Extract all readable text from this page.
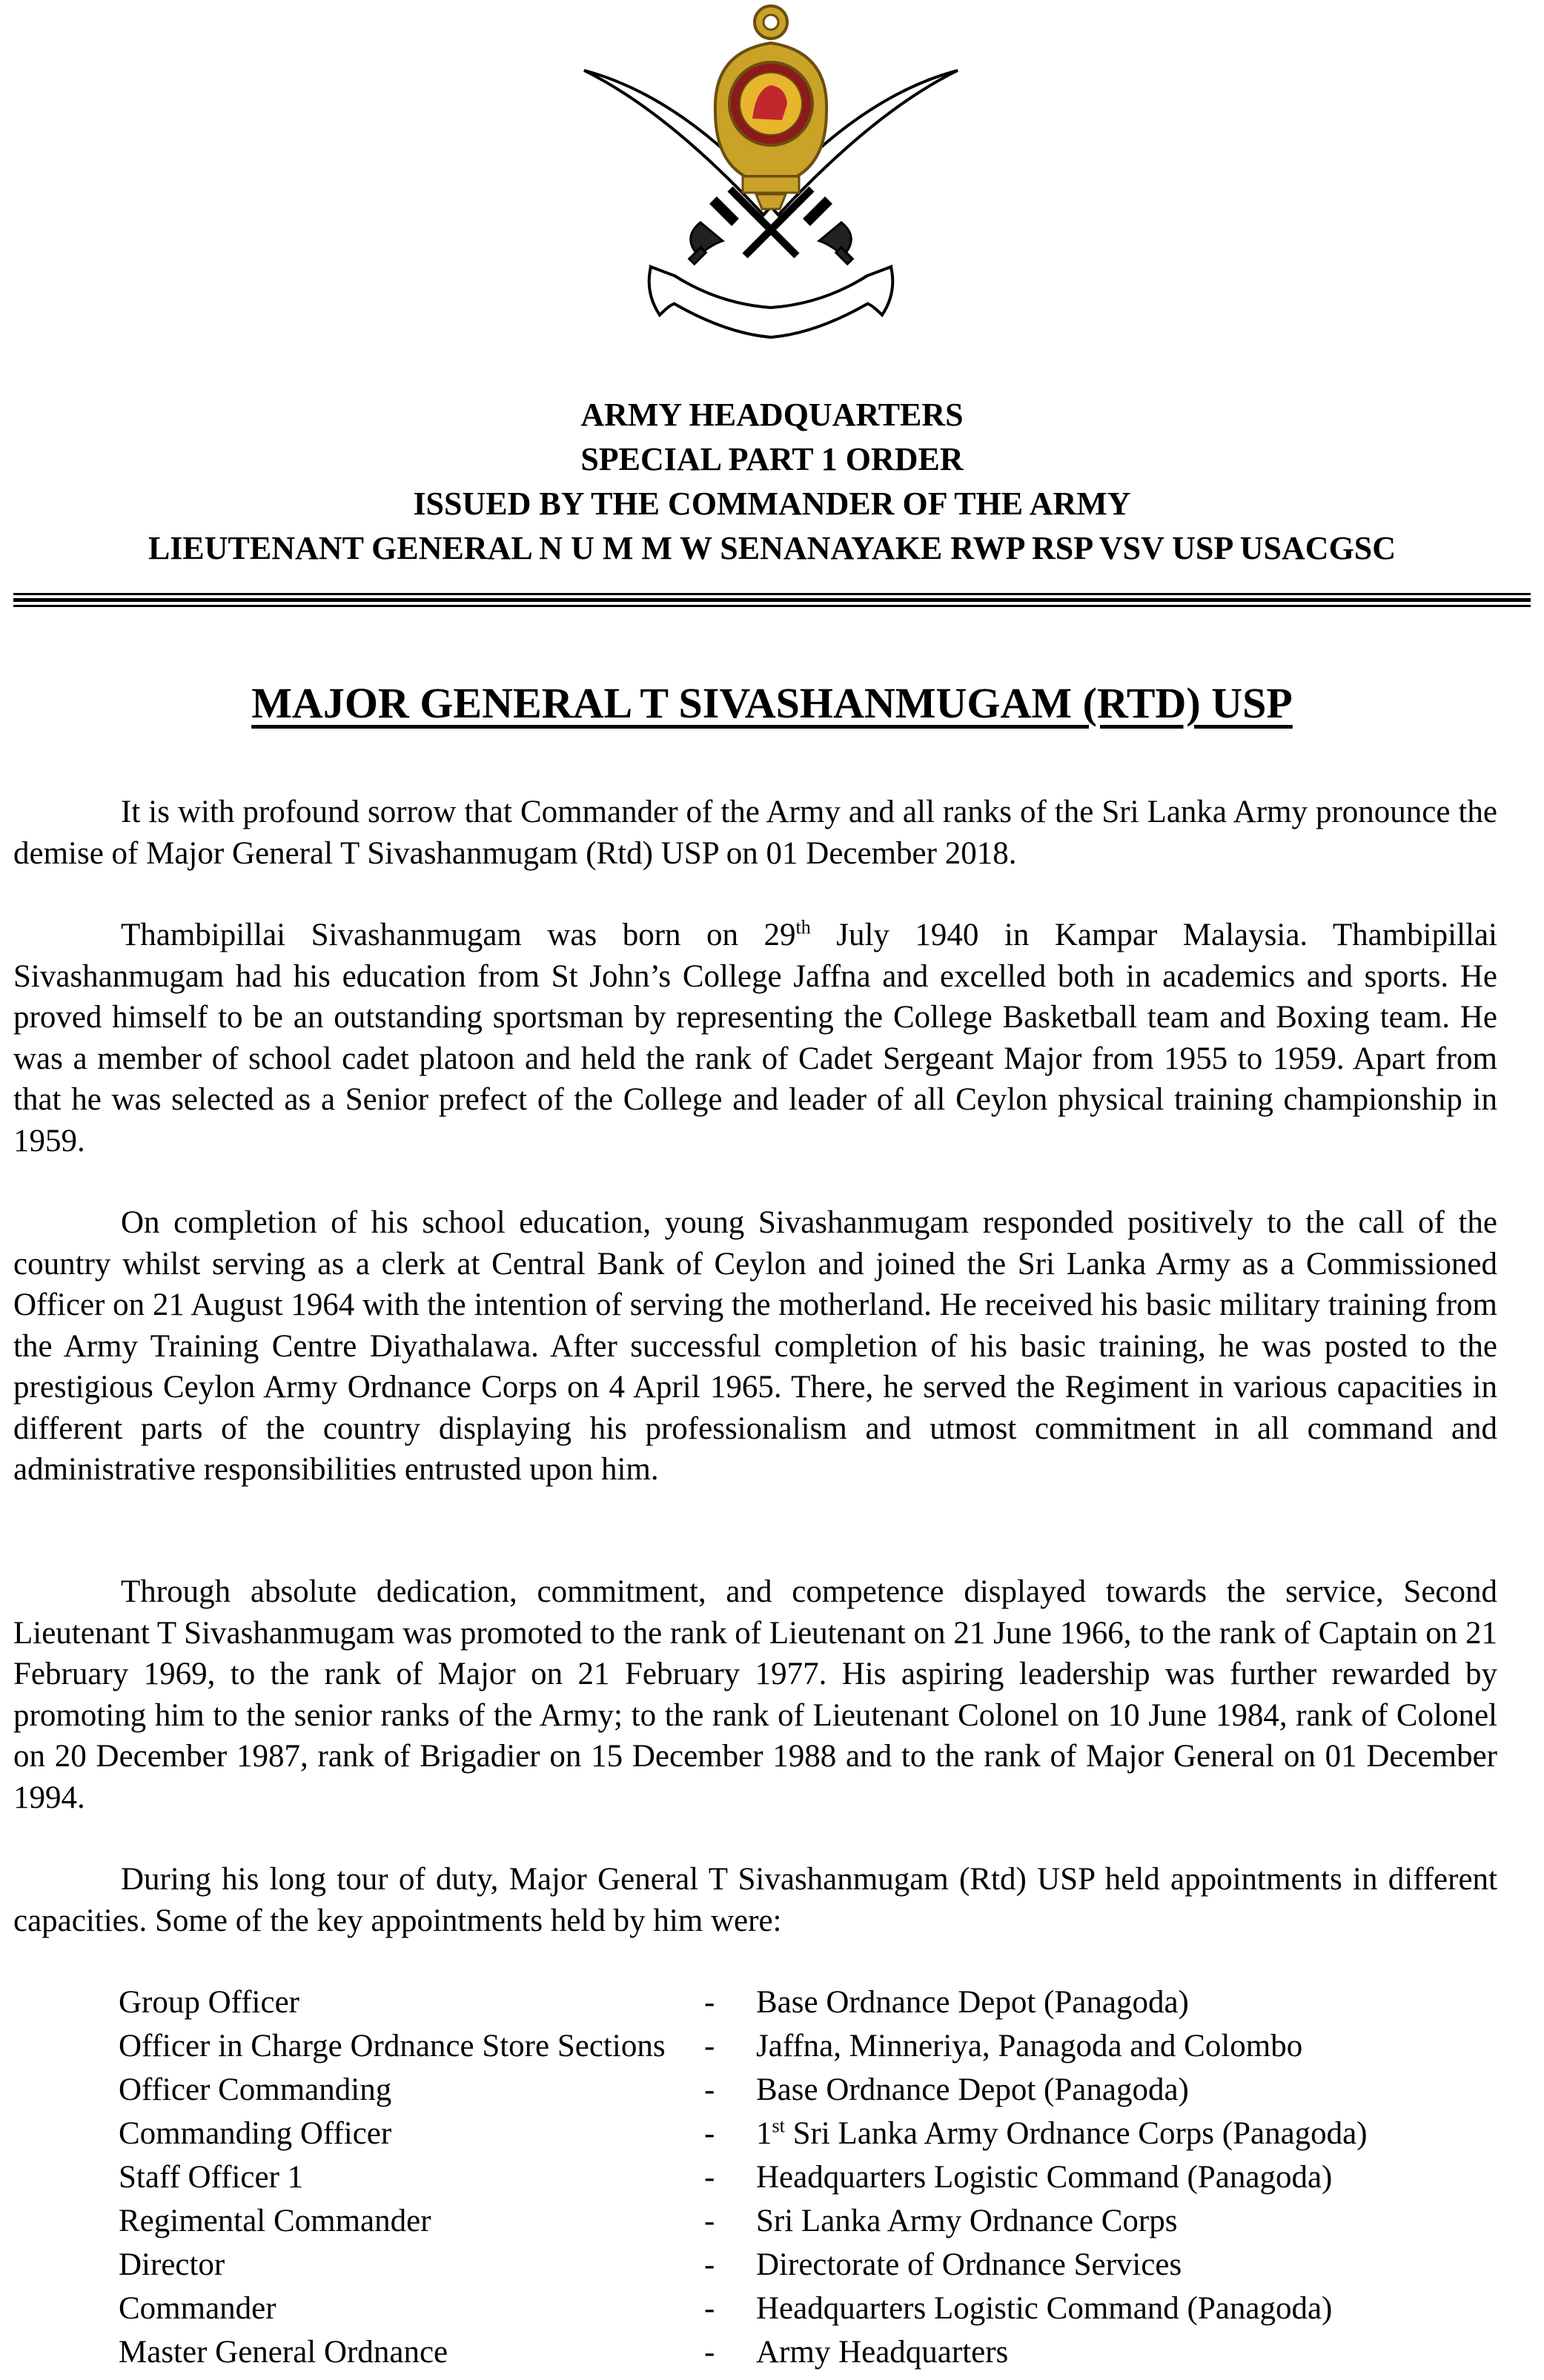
ARMY HEADQUARTERS
SPECIAL PART 1 ORDER
ISSUED BY THE COMMANDER OF THE ARMY
LIEUTENANT GENERAL N U M M W SENANAYAKE RWP RSP VSV USP USACGSC
MAJOR GENERAL T SIVASHANMUGAM (RTD) USP

It is with profound sorrow that Commander of the Army and all ranks of the Sri Lanka Army pronounce the demise of Major General T Sivashanmugam (Rtd) USP on 01 December 2018.

Thambipillai Sivashanmugam was born on 29th July 1940 in Kampar Malaysia. Thambipillai Sivashanmugam had his education from St John’s College Jaffna and excelled both in academics and sports. He proved himself to be an outstanding sportsman by representing the College Basketball team and Boxing team. He was a member of school cadet platoon and held the rank of Cadet Sergeant Major from 1955 to 1959. Apart from that he was selected as a Senior prefect of the College and leader of all Ceylon physical training championship in 1959.

On completion of his school education, young Sivashanmugam responded positively to the call of the country whilst serving as a clerk at Central Bank of Ceylon and joined the Sri Lanka Army as a Commissioned Officer on 21 August 1964 with the intention of serving the motherland. He received his basic military training from the Army Training Centre Diyathalawa. After successful completion of his basic training, he was posted to the prestigious Ceylon Army Ordnance Corps on 4 April 1965. There, he served the Regiment in various capacities in different parts of the country displaying his professionalism and utmost commitment in all command and administrative responsibilities entrusted upon him.

Through absolute dedication, commitment, and competence displayed towards the service, Second Lieutenant T Sivashanmugam was promoted to the rank of Lieutenant on 21 June 1966, to the rank of Captain on 21 February 1969, to the rank of Major on 21 February 1977. His aspiring leadership was further rewarded by promoting him to the senior ranks of the Army; to the rank of Lieutenant Colonel on 10 June 1984, rank of Colonel on 20 December 1987, rank of Brigadier on 15 December 1988 and to the rank of Major General on 01 December 1994.

During his long tour of duty, Major General T Sivashanmugam (Rtd) USP held appointments in different capacities. Some of the key appointments held by him were:

Group Officer	-	Base Ordnance Depot (Panagoda)
Officer in Charge Ordnance Store Sections	-	Jaffna, Minneriya, Panagoda and Colombo
Officer Commanding	-	Base Ordnance Depot (Panagoda)
Commanding Officer	-	1st Sri Lanka Army Ordnance Corps (Panagoda)
Staff Officer 1	-	Headquarters Logistic Command (Panagoda)
Regimental Commander	-	Sri Lanka Army Ordnance Corps
Director	-	Directorate of Ordnance Services
Commander	-	Headquarters Logistic Command (Panagoda)
Master General Ordnance	-	Army Headquarters
